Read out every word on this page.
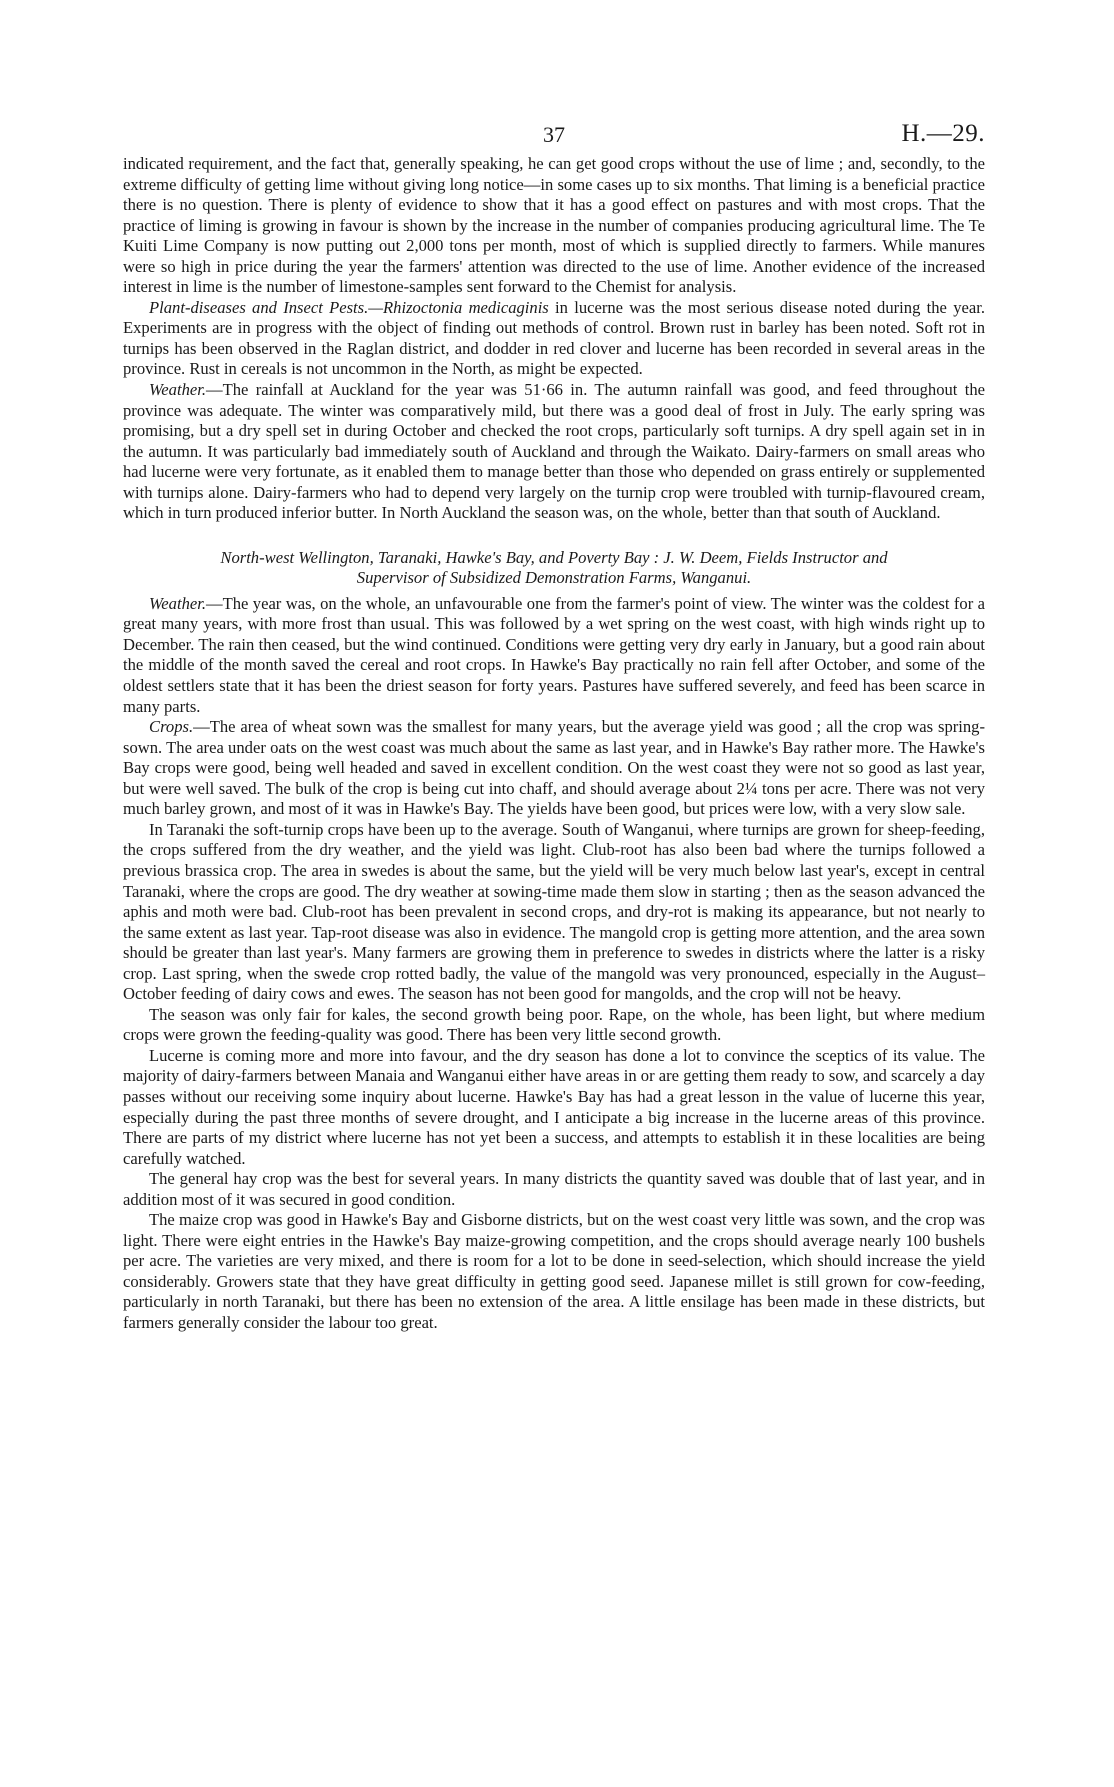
37	H.—29.

indicated requirement, and the fact that, generally speaking, he can get good crops without the use of lime ; and, secondly, to the extreme difficulty of getting lime without giving long notice—in some cases up to six months. That liming is a beneficial practice there is no question. There is plenty of evidence to show that it has a good effect on pastures and with most crops. That the practice of liming is growing in favour is shown by the increase in the number of companies producing agricultural lime. The Te Kuiti Lime Company is now putting out 2,000 tons per month, most of which is supplied directly to farmers. While manures were so high in price during the year the farmers' attention was directed to the use of lime. Another evidence of the increased interest in lime is the number of limestone-samples sent forward to the Chemist for analysis.

Plant-diseases and Insect Pests.—Rhizoctonia medicaginis in lucerne was the most serious disease noted during the year. Experiments are in progress with the object of finding out methods of control. Brown rust in barley has been noted. Soft rot in turnips has been observed in the Raglan district, and dodder in red clover and lucerne has been recorded in several areas in the province. Rust in cereals is not uncommon in the North, as might be expected.

Weather.—The rainfall at Auckland for the year was 51·66 in. The autumn rainfall was good, and feed throughout the province was adequate. The winter was comparatively mild, but there was a good deal of frost in July. The early spring was promising, but a dry spell set in during October and checked the root crops, particularly soft turnips. A dry spell again set in in the autumn. It was particularly bad immediately south of Auckland and through the Waikato. Dairy-farmers on small areas who had lucerne were very fortunate, as it enabled them to manage better than those who depended on grass entirely or supplemented with turnips alone. Dairy-farmers who had to depend very largely on the turnip crop were troubled with turnip-flavoured cream, which in turn produced inferior butter. In North Auckland the season was, on the whole, better than that south of Auckland.

North-west Wellington, Taranaki, Hawke's Bay, and Poverty Bay : J. W. Deem, Fields Instructor and
Supervisor of Subsidized Demonstration Farms, Wanganui.

Weather.—The year was, on the whole, an unfavourable one from the farmer's point of view. The winter was the coldest for a great many years, with more frost than usual. This was followed by a wet spring on the west coast, with high winds right up to December. The rain then ceased, but the wind continued. Conditions were getting very dry early in January, but a good rain about the middle of the month saved the cereal and root crops. In Hawke's Bay practically no rain fell after October, and some of the oldest settlers state that it has been the driest season for forty years. Pastures have suffered severely, and feed has been scarce in many parts.

Crops.—The area of wheat sown was the smallest for many years, but the average yield was good ; all the crop was spring-sown. The area under oats on the west coast was much about the same as last year, and in Hawke's Bay rather more. The Hawke's Bay crops were good, being well headed and saved in excellent condition. On the west coast they were not so good as last year, but were well saved. The bulk of the crop is being cut into chaff, and should average about 2¼ tons per acre. There was not very much barley grown, and most of it was in Hawke's Bay. The yields have been good, but prices were low, with a very slow sale.

In Taranaki the soft-turnip crops have been up to the average. South of Wanganui, where turnips are grown for sheep-feeding, the crops suffered from the dry weather, and the yield was light. Club-root has also been bad where the turnips followed a previous brassica crop. The area in swedes is about the same, but the yield will be very much below last year's, except in central Taranaki, where the crops are good. The dry weather at sowing-time made them slow in starting ; then as the season advanced the aphis and moth were bad. Club-root has been prevalent in second crops, and dry-rot is making its appearance, but not nearly to the same extent as last year. Tap-root disease was also in evidence. The mangold crop is getting more attention, and the area sown should be greater than last year's. Many farmers are growing them in preference to swedes in districts where the latter is a risky crop. Last spring, when the swede crop rotted badly, the value of the mangold was very pronounced, especially in the August–October feeding of dairy cows and ewes. The season has not been good for mangolds, and the crop will not be heavy.

The season was only fair for kales, the second growth being poor. Rape, on the whole, has been light, but where medium crops were grown the feeding-quality was good. There has been very little second growth.

Lucerne is coming more and more into favour, and the dry season has done a lot to convince the sceptics of its value. The majority of dairy-farmers between Manaia and Wanganui either have areas in or are getting them ready to sow, and scarcely a day passes without our receiving some inquiry about lucerne. Hawke's Bay has had a great lesson in the value of lucerne this year, especially during the past three months of severe drought, and I anticipate a big increase in the lucerne areas of this province. There are parts of my district where lucerne has not yet been a success, and attempts to establish it in these localities are being carefully watched.

The general hay crop was the best for several years. In many districts the quantity saved was double that of last year, and in addition most of it was secured in good condition.

The maize crop was good in Hawke's Bay and Gisborne districts, but on the west coast very little was sown, and the crop was light. There were eight entries in the Hawke's Bay maize-growing competition, and the crops should average nearly 100 bushels per acre. The varieties are very mixed, and there is room for a lot to be done in seed-selection, which should increase the yield considerably. Growers state that they have great difficulty in getting good seed. Japanese millet is still grown for cow-feeding, particularly in north Taranaki, but there has been no extension of the area. A little ensilage has been made in these districts, but farmers generally consider the labour too great.
